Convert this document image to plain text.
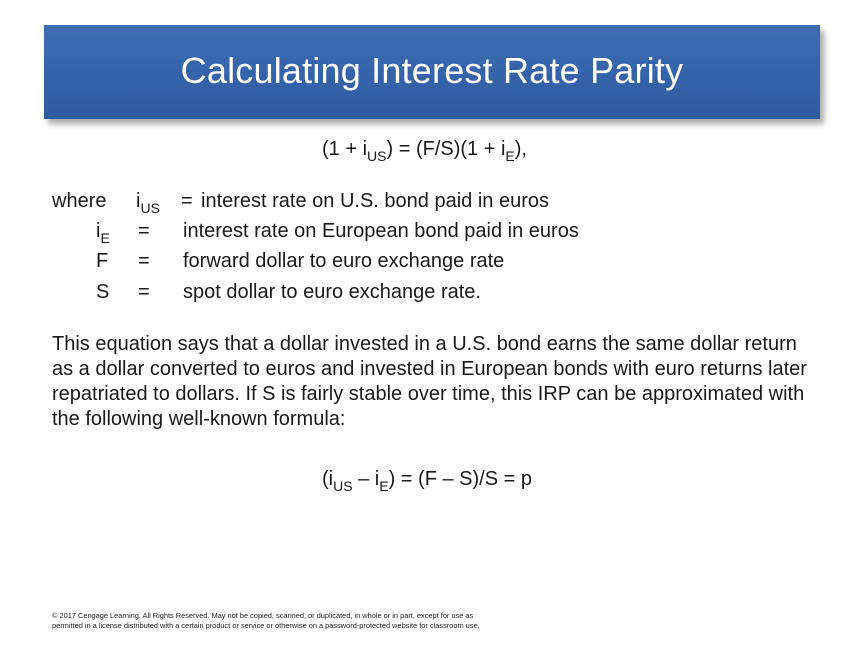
Calculating Interest Rate Parity
$(1 + i_{US}) = (F/S)(1 + i_E)$,
where $i_{US}$ = interest rate on U.S. bond paid in euros
$i_E$ = interest rate on European bond paid in euros
F = forward dollar to euro exchange rate
S = spot dollar to euro exchange rate.
This equation says that a dollar invested in a U.S. bond earns the same dollar return as a dollar converted to euros and invested in European bonds with euro returns later repatriated to dollars. If S is fairly stable over time, this IRP can be approximated with the following well-known formula:
$(i_{US} - i_E) = (F - S)/S = p$
© 2017 Cengage Learning. All Rights Reserved. May not be copied, scanned, or duplicated, in whole or in part, except for use as
permitted in a license distributed with a certain product or service or otherwise on a password-protected website for classroom use.
